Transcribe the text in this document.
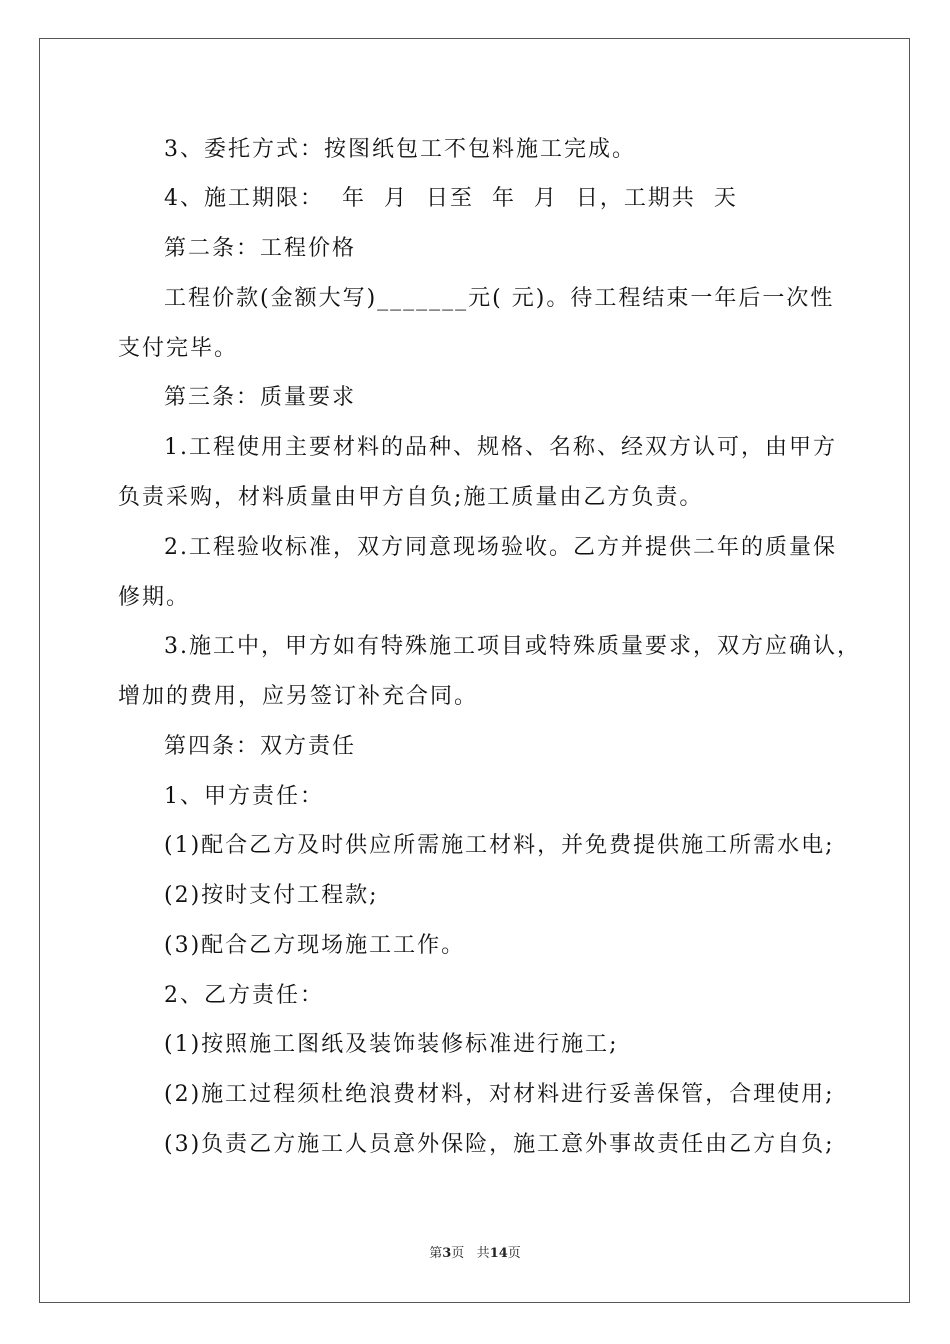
3、委托方式：按图纸包工不包料施工完成。
4、施工期限：  年  月  日至  年  月  日，工期共  天
第二条：工程价格
工程价款(金额大写)_______元( 元)。待工程结束一年后一次性
支付完毕。
第三条：质量要求
1.工程使用主要材料的品种、规格、名称、经双方认可，由甲方
负责采购，材料质量由甲方自负;施工质量由乙方负责。
2.工程验收标准，双方同意现场验收。乙方并提供二年的质量保
修期。
3.施工中，甲方如有特殊施工项目或特殊质量要求，双方应确认，
增加的费用，应另签订补充合同。
第四条：双方责任
1、甲方责任：
(1)配合乙方及时供应所需施工材料，并免费提供施工所需水电;
(2)按时支付工程款;
(3)配合乙方现场施工工作。
2、乙方责任：
(1)按照施工图纸及装饰装修标准进行施工;
(2)施工过程须杜绝浪费材料，对材料进行妥善保管，合理使用;
(3)负责乙方施工人员意外保险，施工意外事故责任由乙方自负;
第3页 共14页
